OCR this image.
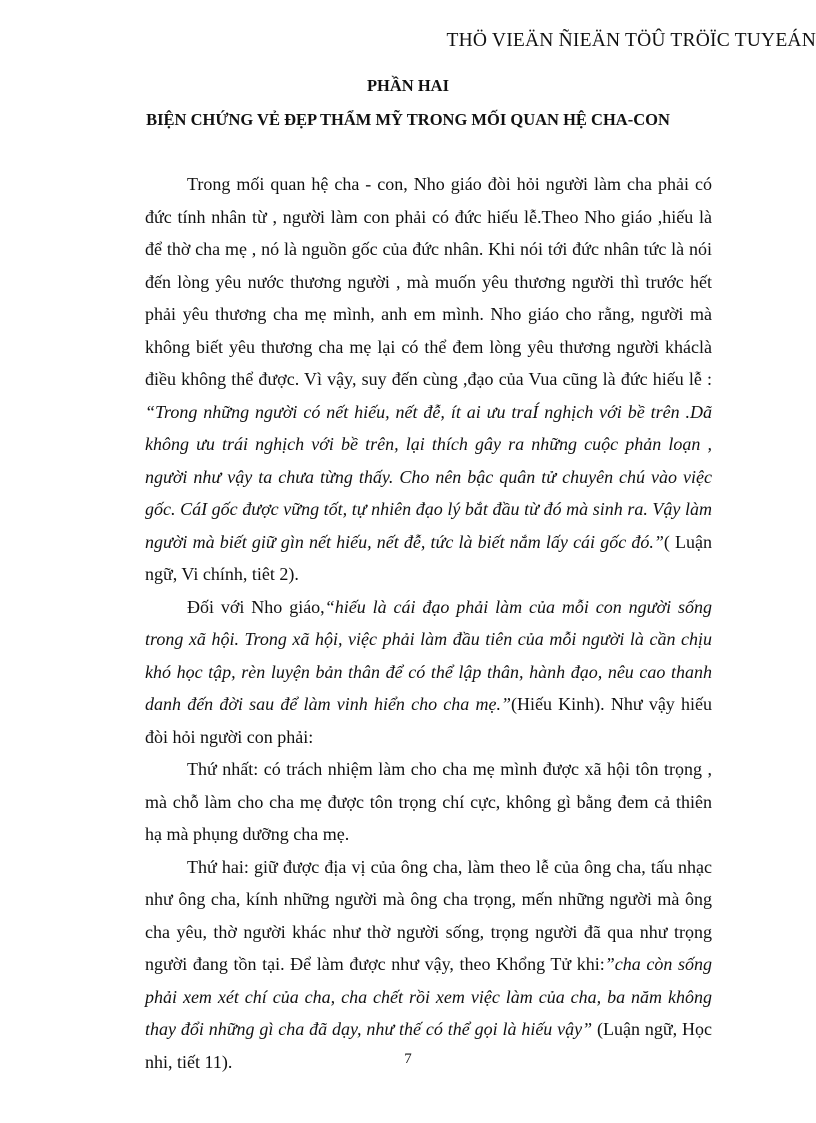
THÖ VIEÄN ÑIEÄN TÖÛ TRÖÏC TUYEÁN
PHẦN HAI
BIỆN CHỨNG VẺ ĐẸP THẨM MỸ TRONG MỐI QUAN HỆ CHA-CON

Trong mối quan hệ cha - con, Nho giáo đòi hỏi người làm cha phải có đức tính nhân từ , người làm con phải có đức hiếu lễ.Theo Nho giáo ,hiếu là để thờ cha mẹ , nó là nguồn gốc của đức nhân. Khi nói tới đức nhân tức là nói đến lòng yêu nước thương người , mà muốn yêu thương người thì trước hết phải yêu thương cha mẹ mình, anh em mình. Nho giáo cho rằng, người mà không biết yêu thương cha mẹ lại có thể đem lòng yêu thương người kháclà điều không thể được. Vì vậy, suy đến cùng ,đạo của Vua cũng là đức hiếu lễ : “Trong những người có nết hiếu, nết đễ, ít ai ưu traÍ nghịch với bề trên .Dã không ưu trái nghịch với bề trên, lại thích gây ra những cuộc phản loạn , người như vậy ta chưa từng thấy. Cho nên bậc quân tử chuyên chú vào việc gốc. CáI gốc được vững tốt, tự nhiên đạo lý bắt đầu từ đó mà sinh ra. Vậy làm người mà biết giữ gìn nết hiếu, nết đễ, tức là biết nắm lấy cái gốc đó.”( Luận ngữ, Vi chính, tiêt 2).

Đối với Nho giáo,“hiếu là cái đạo phải làm của mỗi con người sống trong xã hội. Trong xã hội, việc phải làm đầu tiên của mỗi người là cần chịu khó học tập, rèn luyện bản thân để có thể lập thân, hành đạo, nêu cao thanh danh đến đời sau để làm vinh hiển cho cha mẹ.”(Hiếu Kinh). Như vậy hiếu đòi hỏi người con phải:

Thứ nhất: có trách nhiệm làm cho cha mẹ mình được xã hội tôn trọng , mà chỗ làm cho cha mẹ được tôn trọng chí cực, không gì bằng đem cả thiên hạ mà phụng dưỡng cha mẹ.

Thứ hai: giữ được địa vị của ông cha, làm theo lễ của ông cha, tấu nhạc như ông cha, kính những người mà ông cha trọng, mến những người mà ông cha yêu, thờ người khác như thờ người sống, trọng người đã qua như trọng người đang tồn tại. Để làm được như vậy, theo Khổng Tử khi:”cha còn sống phải xem xét chí của cha, cha chết rồi xem việc làm của cha, ba năm không thay đổi những gì cha đã dạy, như thế có thể gọi là hiếu vậy” (Luận ngữ, Học nhi, tiết 11).	7
